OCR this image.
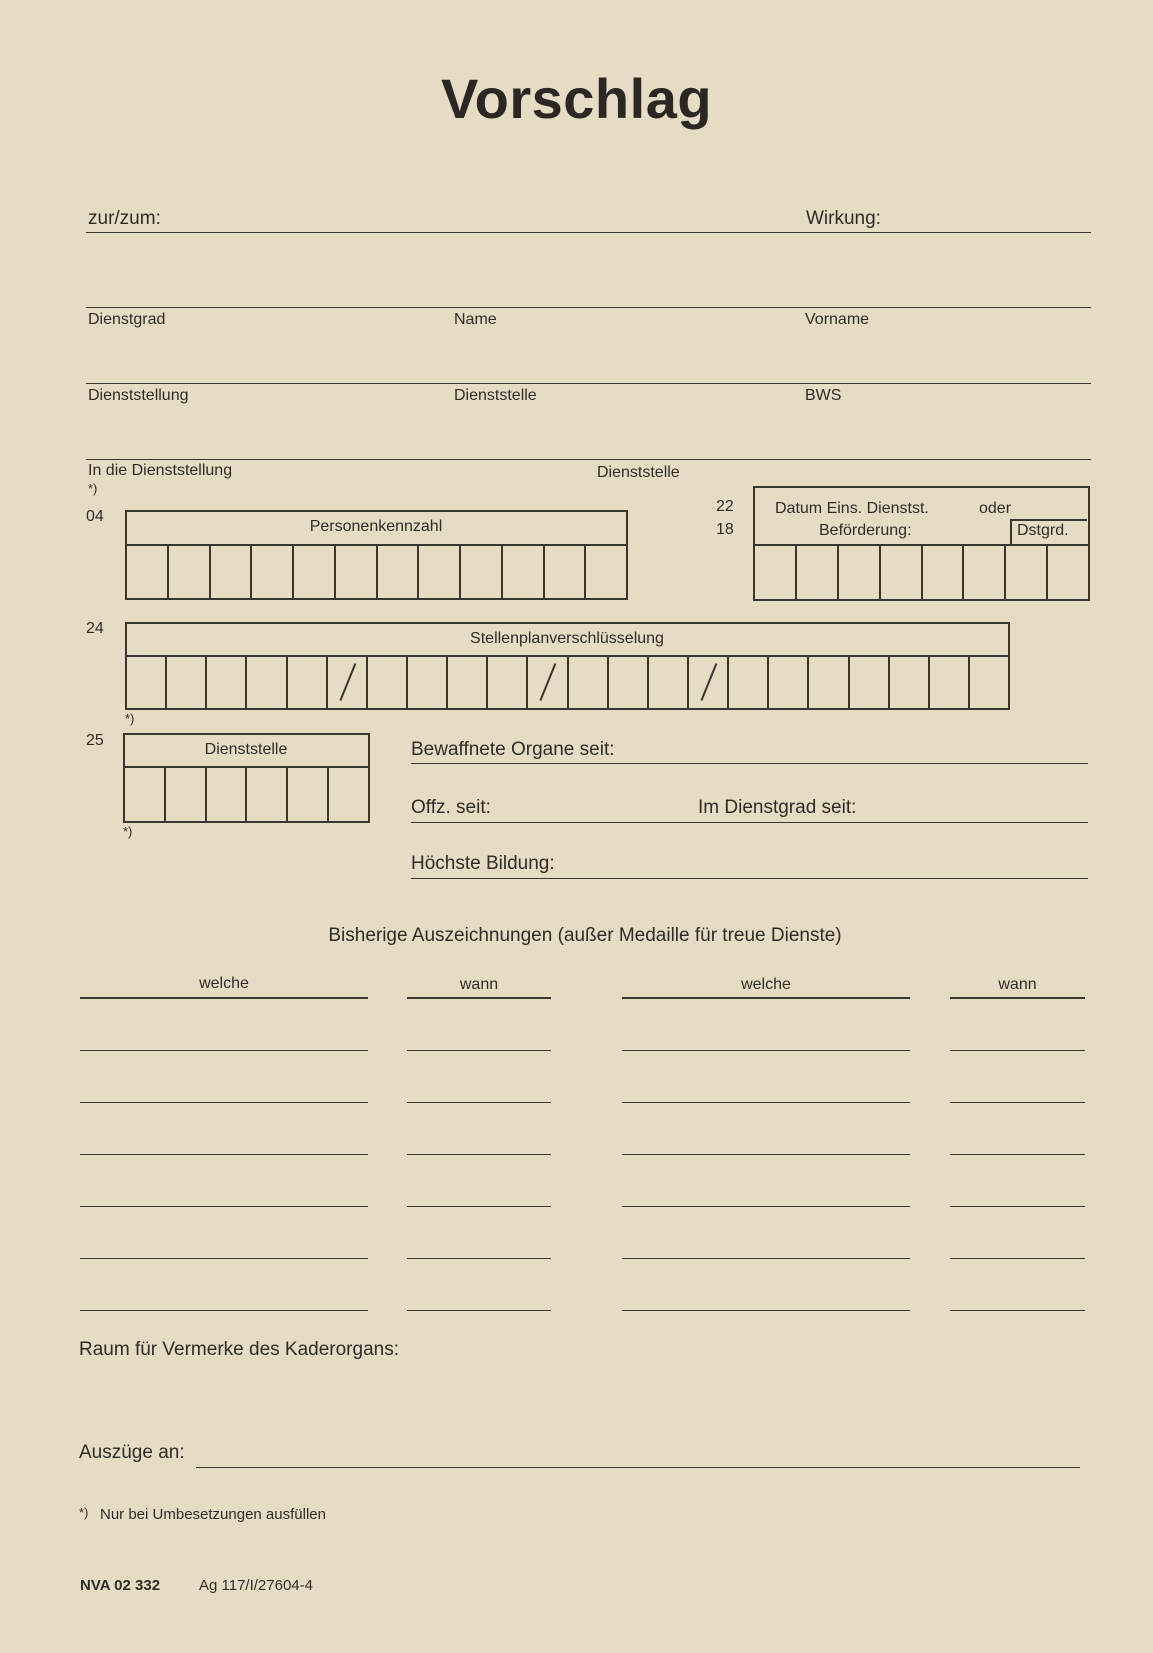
Vorschlag
zur/zum:	Wirkung:
Dienstgrad	Name	Vorname
Dienststellung	Dienststelle	BWS
In die Dienststellung
*)
Dienststelle
04
Personenkennzahl
22
18
Datum Eins. Dienstst.	oder
Beförderung:	Dstgrd.
24
Stellenplanverschlüsselung
*)
25
Dienststelle
*)
Bewaffnete Organe seit:
Offz. seit:	Im Dienstgrad seit:
Höchste Bildung:
Bisherige Auszeichnungen (außer Medaille für treue Dienste)
welche	wann	welche	wann
Raum für Vermerke des Kaderorgans:
Auszüge an:
*) Nur bei Umbesetzungen ausfüllen
NVA 02 332	Ag 117/I/27604-4
